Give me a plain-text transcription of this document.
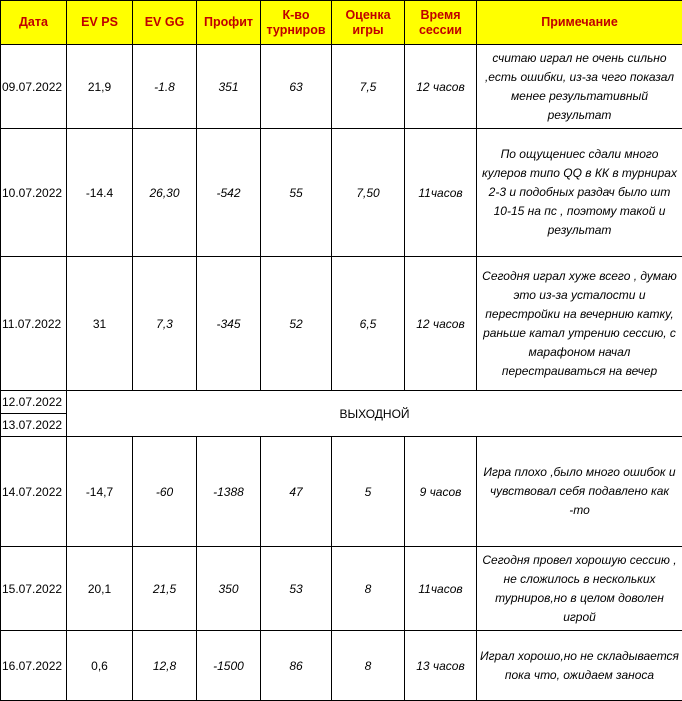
Дата	EV PS	EV GG	Профит	К-во турниров	Оценка игры	Время сессии	Примечание
09.07.2022	21,9	-1.8	351	63	7,5	12 часов	считаю играл не очень сильно ,есть ошибки, из-за чего показал менее результативный результат
10.07.2022	-14.4	26,30	-542	55	7,50	11часов	По ощущениес сдали много кулеров типо QQ в КК в турнирах 2-3 и подобных раздач было шт 10-15 на пс , поэтому такой и результат
11.07.2022	31	7,3	-345	52	6,5	12 часов	Сегодня играл хуже всего , думаю это из-за усталости и перестройки на вечернию катку, раньше катал утрению сессию, с марафоном начал перестраиваться на вечер
12.07.2022	ВЫХОДНОЙ						
13.07.2022							
14.07.2022	-14,7	-60	-1388	47	5	9 часов	Игра плохо ,было много ошибок и чувствовал себя подавлено как -то
15.07.2022	20,1	21,5	350	53	8	11часов	Сегодня провел хорошую сессию , не сложилось в нескольких турниров,но в целом доволен игрой
16.07.2022	0,6	12,8	-1500	86	8	13 часов	Играл хорошо,но не складывается пока что, ожидаем заноса
